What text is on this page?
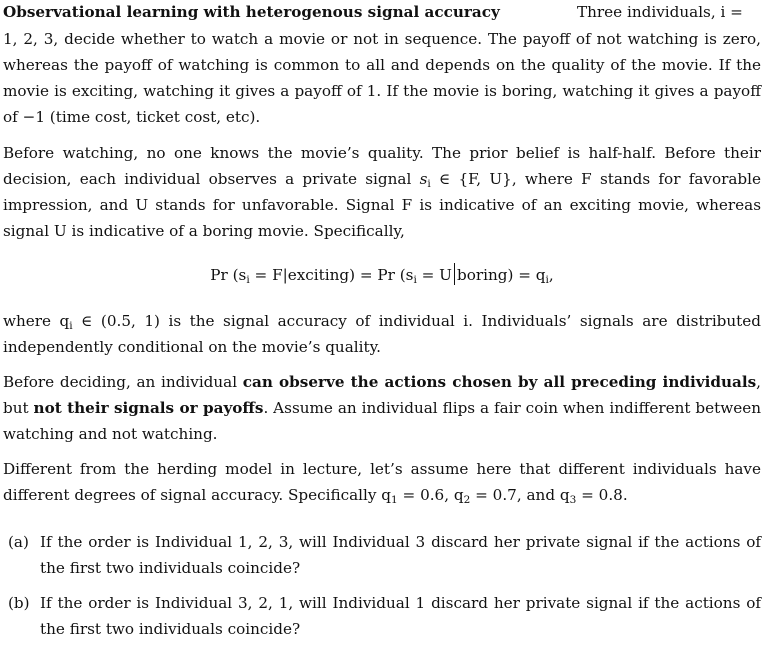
Observational learning with heterogenous signal accuracy	Three individuals, i =
1, 2, 3, decide whether to watch a movie or not in sequence. The payoff of not watching is zero,
whereas the payoff of watching is common to all and depends on the quality of the movie. If the
movie is exciting, watching it gives a payoff of 1. If the movie is boring, watching it gives a payoff
of −1 (time cost, ticket cost, etc).
Before watching, no one knows the movie’s quality. The prior belief is half-half. Before their
decision, each individual observes a private signal $s_i$ ∈ {F, U}, where F stands for favorable
impression, and U stands for unfavorable. Signal F is indicative of an exciting movie, whereas
signal U is indicative of a boring movie. Specifically,
Pr ($s_i$ = F|exciting) = Pr ($s_i = U$ boring) = $q_i$,
where $q_i$ ∈ (0.5, 1) is the signal accuracy of individual i. Individuals’ signals are distributed
independently conditional on the movie’s quality.
Before deciding, an individual can observe the actions chosen by all preceding individuals,
but not their signals or payoffs. Assume an individual flips a fair coin when indifferent between
watching and not watching.
Different from the herding model in lecture, let’s assume here that different individuals have
different degrees of signal accuracy. Specifically $q_1 = 0.6$, $q_2 = 0.7$, and $q_3 = 0.8$.
(a) If the order is Individual 1, 2, 3, will Individual 3 discard her private signal if the actions of
the first two individuals coincide?
(b) If the order is Individual 3, 2, 1, will Individual 1 discard her private signal if the actions of
the first two individuals coincide?
